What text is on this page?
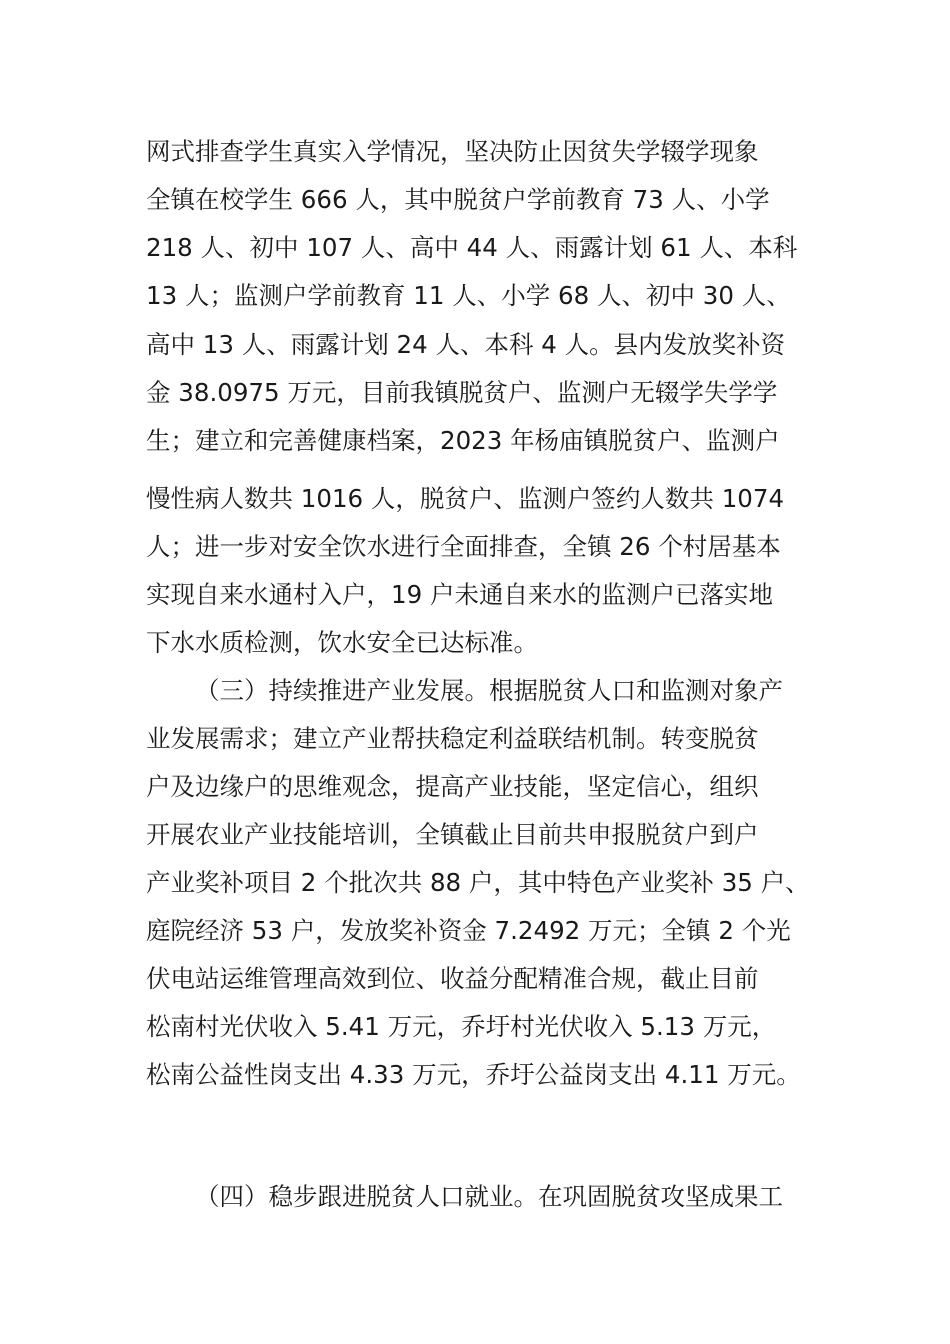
网式排查学生真实入学情况，坚决防止因贫失学辍学现象
全镇在校学生 666 人，其中脱贫户学前教育 73 人、小学
218 人、初中 107 人、高中 44 人、雨露计划 61 人、本科
13 人；监测户学前教育 11 人、小学 68 人、初中 30 人、
高中 13 人、雨露计划 24 人、本科 4 人。县内发放奖补资
金 38.0975 万元，目前我镇脱贫户、监测户无辍学失学学
生；建立和完善健康档案，2023 年杨庙镇脱贫户、监测户
慢性病人数共 1016 人，脱贫户、监测户签约人数共 1074
人；进一步对安全饮水进行全面排查，全镇 26 个村居基本
实现自来水通村入户，19 户未通自来水的监测户已落实地
下水水质检测，饮水安全已达标准。
（三）持续推进产业发展。根据脱贫人口和监测对象产
业发展需求；建立产业帮扶稳定利益联结机制。转变脱贫
户及边缘户的思维观念，提高产业技能，坚定信心，组织
开展农业产业技能培训，全镇截止目前共申报脱贫户到户
产业奖补项目 2 个批次共 88 户，其中特色产业奖补 35 户、
庭院经济 53 户，发放奖补资金 7.2492 万元；全镇 2 个光
伏电站运维管理高效到位、收益分配精准合规，截止目前
松南村光伏收入 5.41 万元，乔圩村光伏收入 5.13 万元，
松南公益性岗支出 4.33 万元，乔圩公益岗支出 4.11 万元。
（四）稳步跟进脱贫人口就业。在巩固脱贫攻坚成果工
